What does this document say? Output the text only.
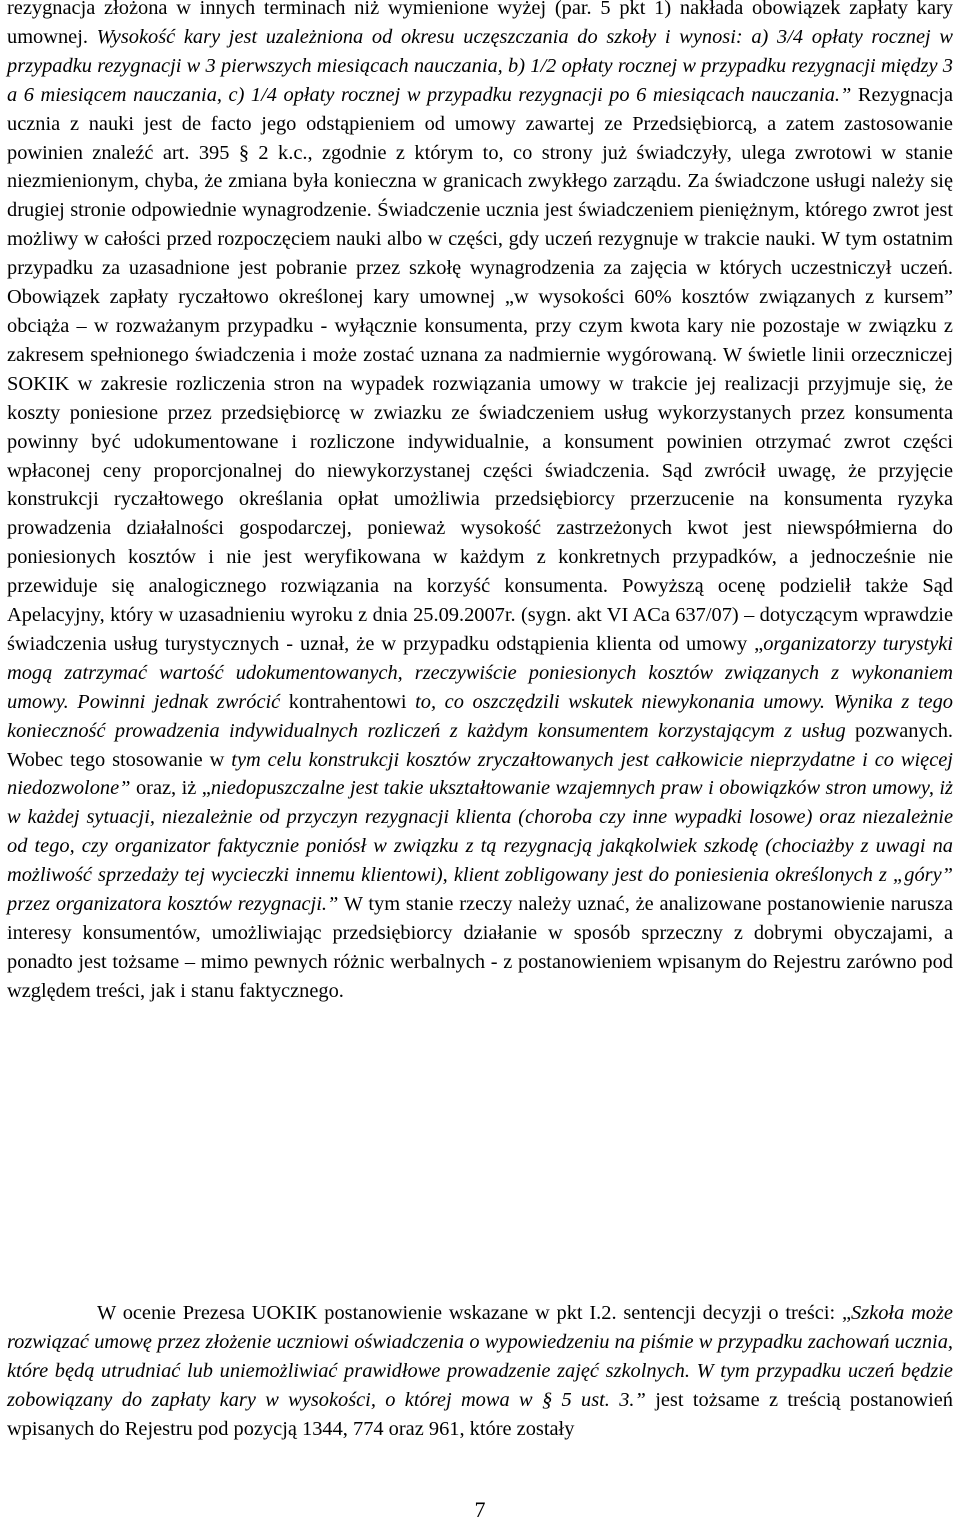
rezygnacja złożona w innych terminach niż wymienione wyżej (par. 5 pkt 1) nakłada obowiązek zapłaty kary umownej. Wysokość kary jest uzależniona od okresu uczęszczania do szkoły i wynosi: a) 3/4 opłaty rocznej w przypadku rezygnacji w 3 pierwszych miesiącach nauczania, b) 1/2 opłaty rocznej w przypadku rezygnacji między 3 a 6 miesiącem nauczania, c) 1/4 opłaty rocznej w przypadku rezygnacji po 6 miesiącach nauczania.” Rezygnacja ucznia z nauki jest de facto jego odstąpieniem od umowy zawartej ze Przedsiębiorcą, a zatem zastosowanie powinien znaleźć art. 395 § 2 k.c., zgodnie z którym to, co strony już świadczyły, ulega zwrotowi w stanie niezmienionym, chyba, że zmiana była konieczna w granicach zwykłego zarządu. Za świadczone usługi należy się drugiej stronie odpowiednie wynagrodzenie. Świadczenie ucznia jest świadczeniem pieniężnym, którego zwrot jest możliwy w całości przed rozpoczęciem nauki albo w części, gdy uczeń rezygnuje w trakcie nauki. W tym ostatnim przypadku za uzasadnione jest pobranie przez szkołę wynagrodzenia za zajęcia w których uczestniczył uczeń. Obowiązek zapłaty ryczałtowo określonej kary umownej „w wysokości 60% kosztów związanych z kursem” obciąża – w rozważanym przypadku - wyłącznie konsumenta, przy czym kwota kary nie pozostaje w związku z zakresem spełnionego świadczenia i może zostać uznana za nadmiernie wygórowaną. W świetle linii orzeczniczej SOKIK w zakresie rozliczenia stron na wypadek rozwiązania umowy w trakcie jej realizacji przyjmuje się, że koszty poniesione przez przedsiębiorcę w zwiazku ze świadczeniem usług wykorzystanych przez konsumenta powinny być udokumentowane i rozliczone indywidualnie, a konsument powinien otrzymać zwrot części wpłaconej ceny proporcjonalnej do niewykorzystanej części świadczenia. Sąd zwrócił uwagę, że przyjęcie konstrukcji ryczałtowego określania opłat umożliwia przedsiębiorcy przerzucenie na konsumenta ryzyka prowadzenia działalności gospodarczej, ponieważ wysokość zastrzeżonych kwot jest niewspółmierna do poniesionych kosztów i nie jest weryfikowana w każdym z konkretnych przypadków, a jednocześnie nie przewiduje się analogicznego rozwiązania na korzyść konsumenta. Powyższą ocenę podzielił także Sąd Apelacyjny, który w uzasadnieniu wyroku z dnia 25.09.2007r. (sygn. akt VI ACa 637/07) – dotyczącym wprawdzie świadczenia usług turystycznych - uznał, że w przypadku odstąpienia klienta od umowy „organizatorzy turystyki mogą zatrzymać wartość udokumentowanych, rzeczywiście poniesionych kosztów związanych z wykonaniem umowy. Powinni jednak zwrócić kontrahentowi to, co oszczędzili wskutek niewykonania umowy. Wynika z tego konieczność prowadzenia indywidualnych rozliczeń z każdym konsumentem korzystającym z usług pozwanych. Wobec tego stosowanie w tym celu konstrukcji kosztów zryczałtowanych jest całkowicie nieprzydatne i co więcej niedozwolone” oraz, iż „niedopuszczalne jest takie ukształtowanie wzajemnych praw i obowiązków stron umowy, iż w każdej sytuacji, niezależnie od przyczyn rezygnacji klienta (choroba czy inne wypadki losowe) oraz niezależnie od tego, czy organizator faktycznie poniósł w związku z tą rezygnacją jakąkolwiek szkodę (chociażby z uwagi na możliwość sprzedaży tej wycieczki innemu klientowi), klient zobligowany jest do poniesienia określonych z „góry” przez organizatora kosztów rezygnacji.” W tym stanie rzeczy należy uznać, że analizowane postanowienie narusza interesy konsumentów, umożliwiając przedsiębiorcy działanie w sposób sprzeczny z dobrymi obyczajami, a ponadto jest tożsame – mimo pewnych różnic werbalnych - z postanowieniem wpisanym do Rejestru zarówno pod względem treści, jak i stanu faktycznego.

W ocenie Prezesa UOKIK postanowienie wskazane w pkt I.2. sentencji decyzji o treści: „Szkoła może rozwiązać umowę przez złożenie uczniowi oświadczenia o wypowiedzeniu na piśmie w przypadku zachowań ucznia, które będą utrudniać lub uniemożliwiać prawidłowe prowadzenie zajęć szkolnych. W tym przypadku uczeń będzie zobowiązany do zapłaty kary w wysokości, o której mowa w § 5 ust. 3.” jest tożsame z treścią postanowień wpisanych do Rejestru pod pozycją 1344, 774 oraz 961, które zostały

7
